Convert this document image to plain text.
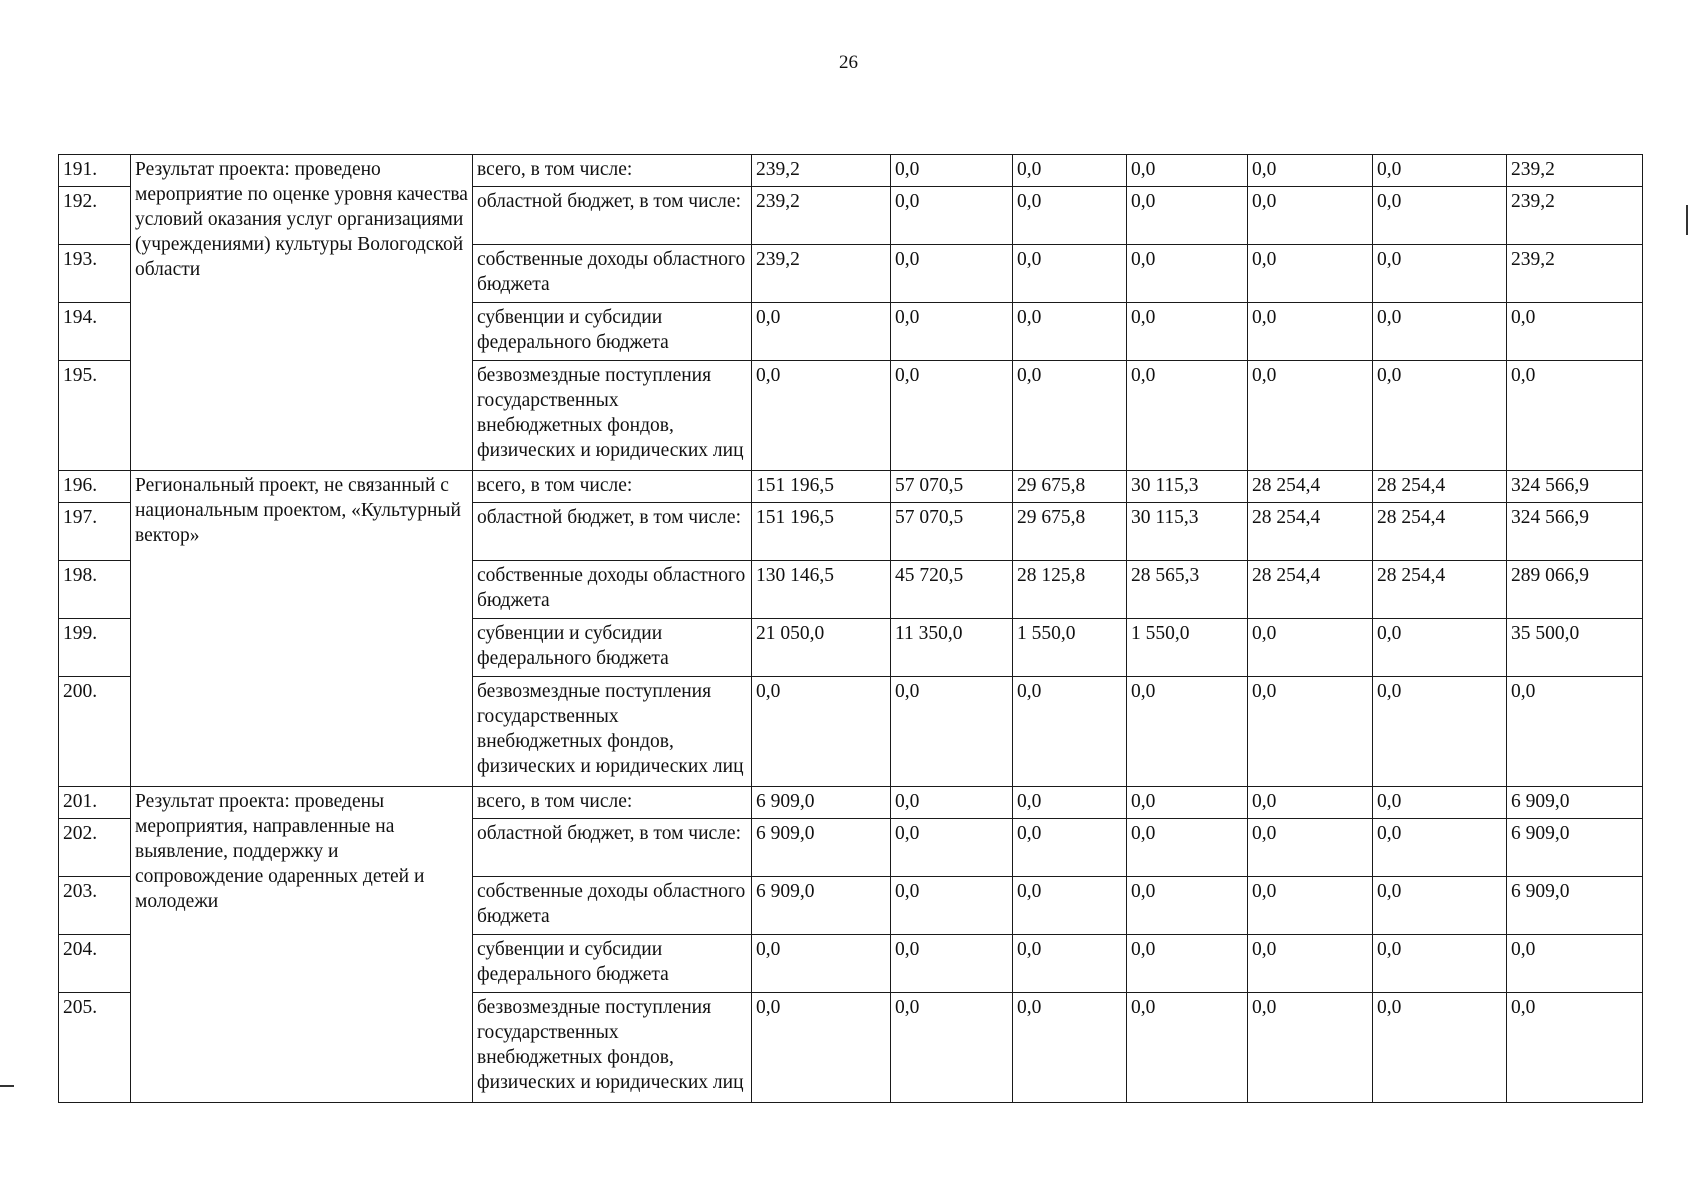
26
191.	Результат проекта: проведено мероприятие по оценке уровня качества условий оказания услуг организациями (учреждениями) культуры Вологодской области	всего, в том числе:	239,2	0,0	0,0	0,0	0,0	0,0	239,2
192.		областной бюджет, в том числе:	239,2	0,0	0,0	0,0	0,0	0,0	239,2
193.		собственные доходы областного бюджета	239,2	0,0	0,0	0,0	0,0	0,0	239,2
194.		субвенции и субсидии федерального бюджета	0,0	0,0	0,0	0,0	0,0	0,0	0,0
195.		безвозмездные поступления государственных внебюджетных фондов, физических и юридических лиц	0,0	0,0	0,0	0,0	0,0	0,0	0,0
196.	Региональный проект, не связанный с национальным проектом, «Культурный вектор»	всего, в том числе:	151 196,5	57 070,5	29 675,8	30 115,3	28 254,4	28 254,4	324 566,9
197.		областной бюджет, в том числе:	151 196,5	57 070,5	29 675,8	30 115,3	28 254,4	28 254,4	324 566,9
198.		собственные доходы областного бюджета	130 146,5	45 720,5	28 125,8	28 565,3	28 254,4	28 254,4	289 066,9
199.		субвенции и субсидии федерального бюджета	21 050,0	11 350,0	1 550,0	1 550,0	0,0	0,0	35 500,0
200.		безвозмездные поступления государственных внебюджетных фондов, физических и юридических лиц	0,0	0,0	0,0	0,0	0,0	0,0	0,0
201.	Результат проекта: проведены мероприятия, направленные на выявление, поддержку и сопровождение одаренных детей и молодежи	всего, в том числе:	6 909,0	0,0	0,0	0,0	0,0	0,0	6 909,0
202.		областной бюджет, в том числе:	6 909,0	0,0	0,0	0,0	0,0	0,0	6 909,0
203.		собственные доходы областного бюджета	6 909,0	0,0	0,0	0,0	0,0	0,0	6 909,0
204.		субвенции и субсидии федерального бюджета	0,0	0,0	0,0	0,0	0,0	0,0	0,0
205.		безвозмездные поступления государственных внебюджетных фондов, физических и юридических лиц	0,0	0,0	0,0	0,0	0,0	0,0	0,0
